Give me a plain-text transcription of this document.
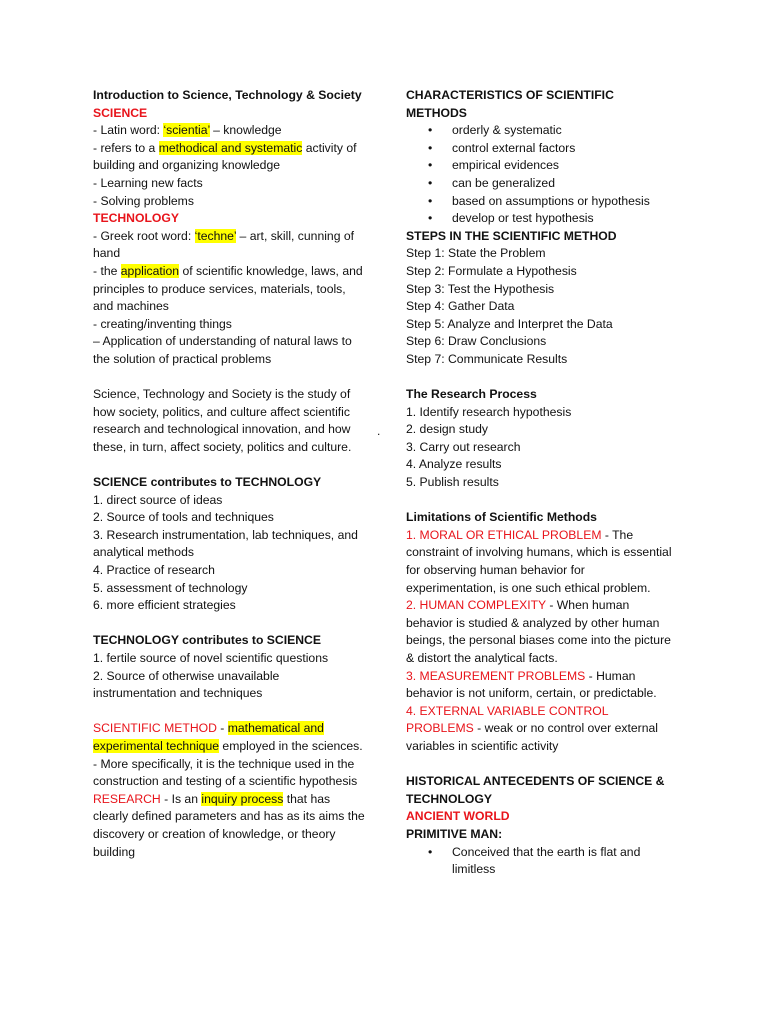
Introduction to Science, Technology & Society
SCIENCE
- Latin word: ‘scientia’ – knowledge
- refers to a methodical and systematic activity of building and organizing knowledge
- Learning new facts
- Solving problems
TECHNOLOGY
- Greek root word: ‘techne’ – art, skill, cunning of hand
- the application of scientific knowledge, laws, and principles to produce services, materials, tools, and machines
- creating/inventing things
– Application of understanding of natural laws to the solution of practical problems
Science, Technology and Society is the study of how society, politics, and culture affect scientific research and technological innovation, and how these, in turn, affect society, politics and culture.
SCIENCE contributes to TECHNOLOGY
1. direct source of ideas
2. Source of tools and techniques
3. Research instrumentation, lab techniques, and analytical methods
4. Practice of research
5. assessment of technology
6. more efficient strategies
TECHNOLOGY contributes to SCIENCE
1. fertile source of novel scientific questions
2. Source of otherwise unavailable instrumentation and techniques
SCIENTIFIC METHOD - mathematical and experimental technique employed in the sciences.
- More specifically, it is the technique used in the construction and testing of a scientific hypothesis
RESEARCH - Is an inquiry process that has clearly defined parameters and has as its aims the discovery or creation of knowledge, or theory building
.
CHARACTERISTICS OF SCIENTIFIC METHODS
• orderly & systematic
• control external factors
• empirical evidences
• can be generalized
• based on assumptions or hypothesis
• develop or test hypothesis
STEPS IN THE SCIENTIFIC METHOD
Step 1: State the Problem
Step 2: Formulate a Hypothesis
Step 3: Test the Hypothesis
Step 4: Gather Data
Step 5: Analyze and Interpret the Data
Step 6: Draw Conclusions
Step 7: Communicate Results
The Research Process
1. Identify research hypothesis
2. design study
3. Carry out research
4. Analyze results
5. Publish results
Limitations of Scientific Methods
1. MORAL OR ETHICAL PROBLEM - The constraint of involving humans, which is essential for observing human behavior for experimentation, is one such ethical problem.
2. HUMAN COMPLEXITY - When human behavior is studied & analyzed by other human beings, the personal biases come into the picture & distort the analytical facts.
3. MEASUREMENT PROBLEMS - Human behavior is not uniform, certain, or predictable.
4. EXTERNAL VARIABLE CONTROL PROBLEMS - weak or no control over external variables in scientific activity
HISTORICAL ANTECEDENTS OF SCIENCE & TECHNOLOGY
ANCIENT WORLD
PRIMITIVE MAN:
• Conceived that the earth is flat and limitless
